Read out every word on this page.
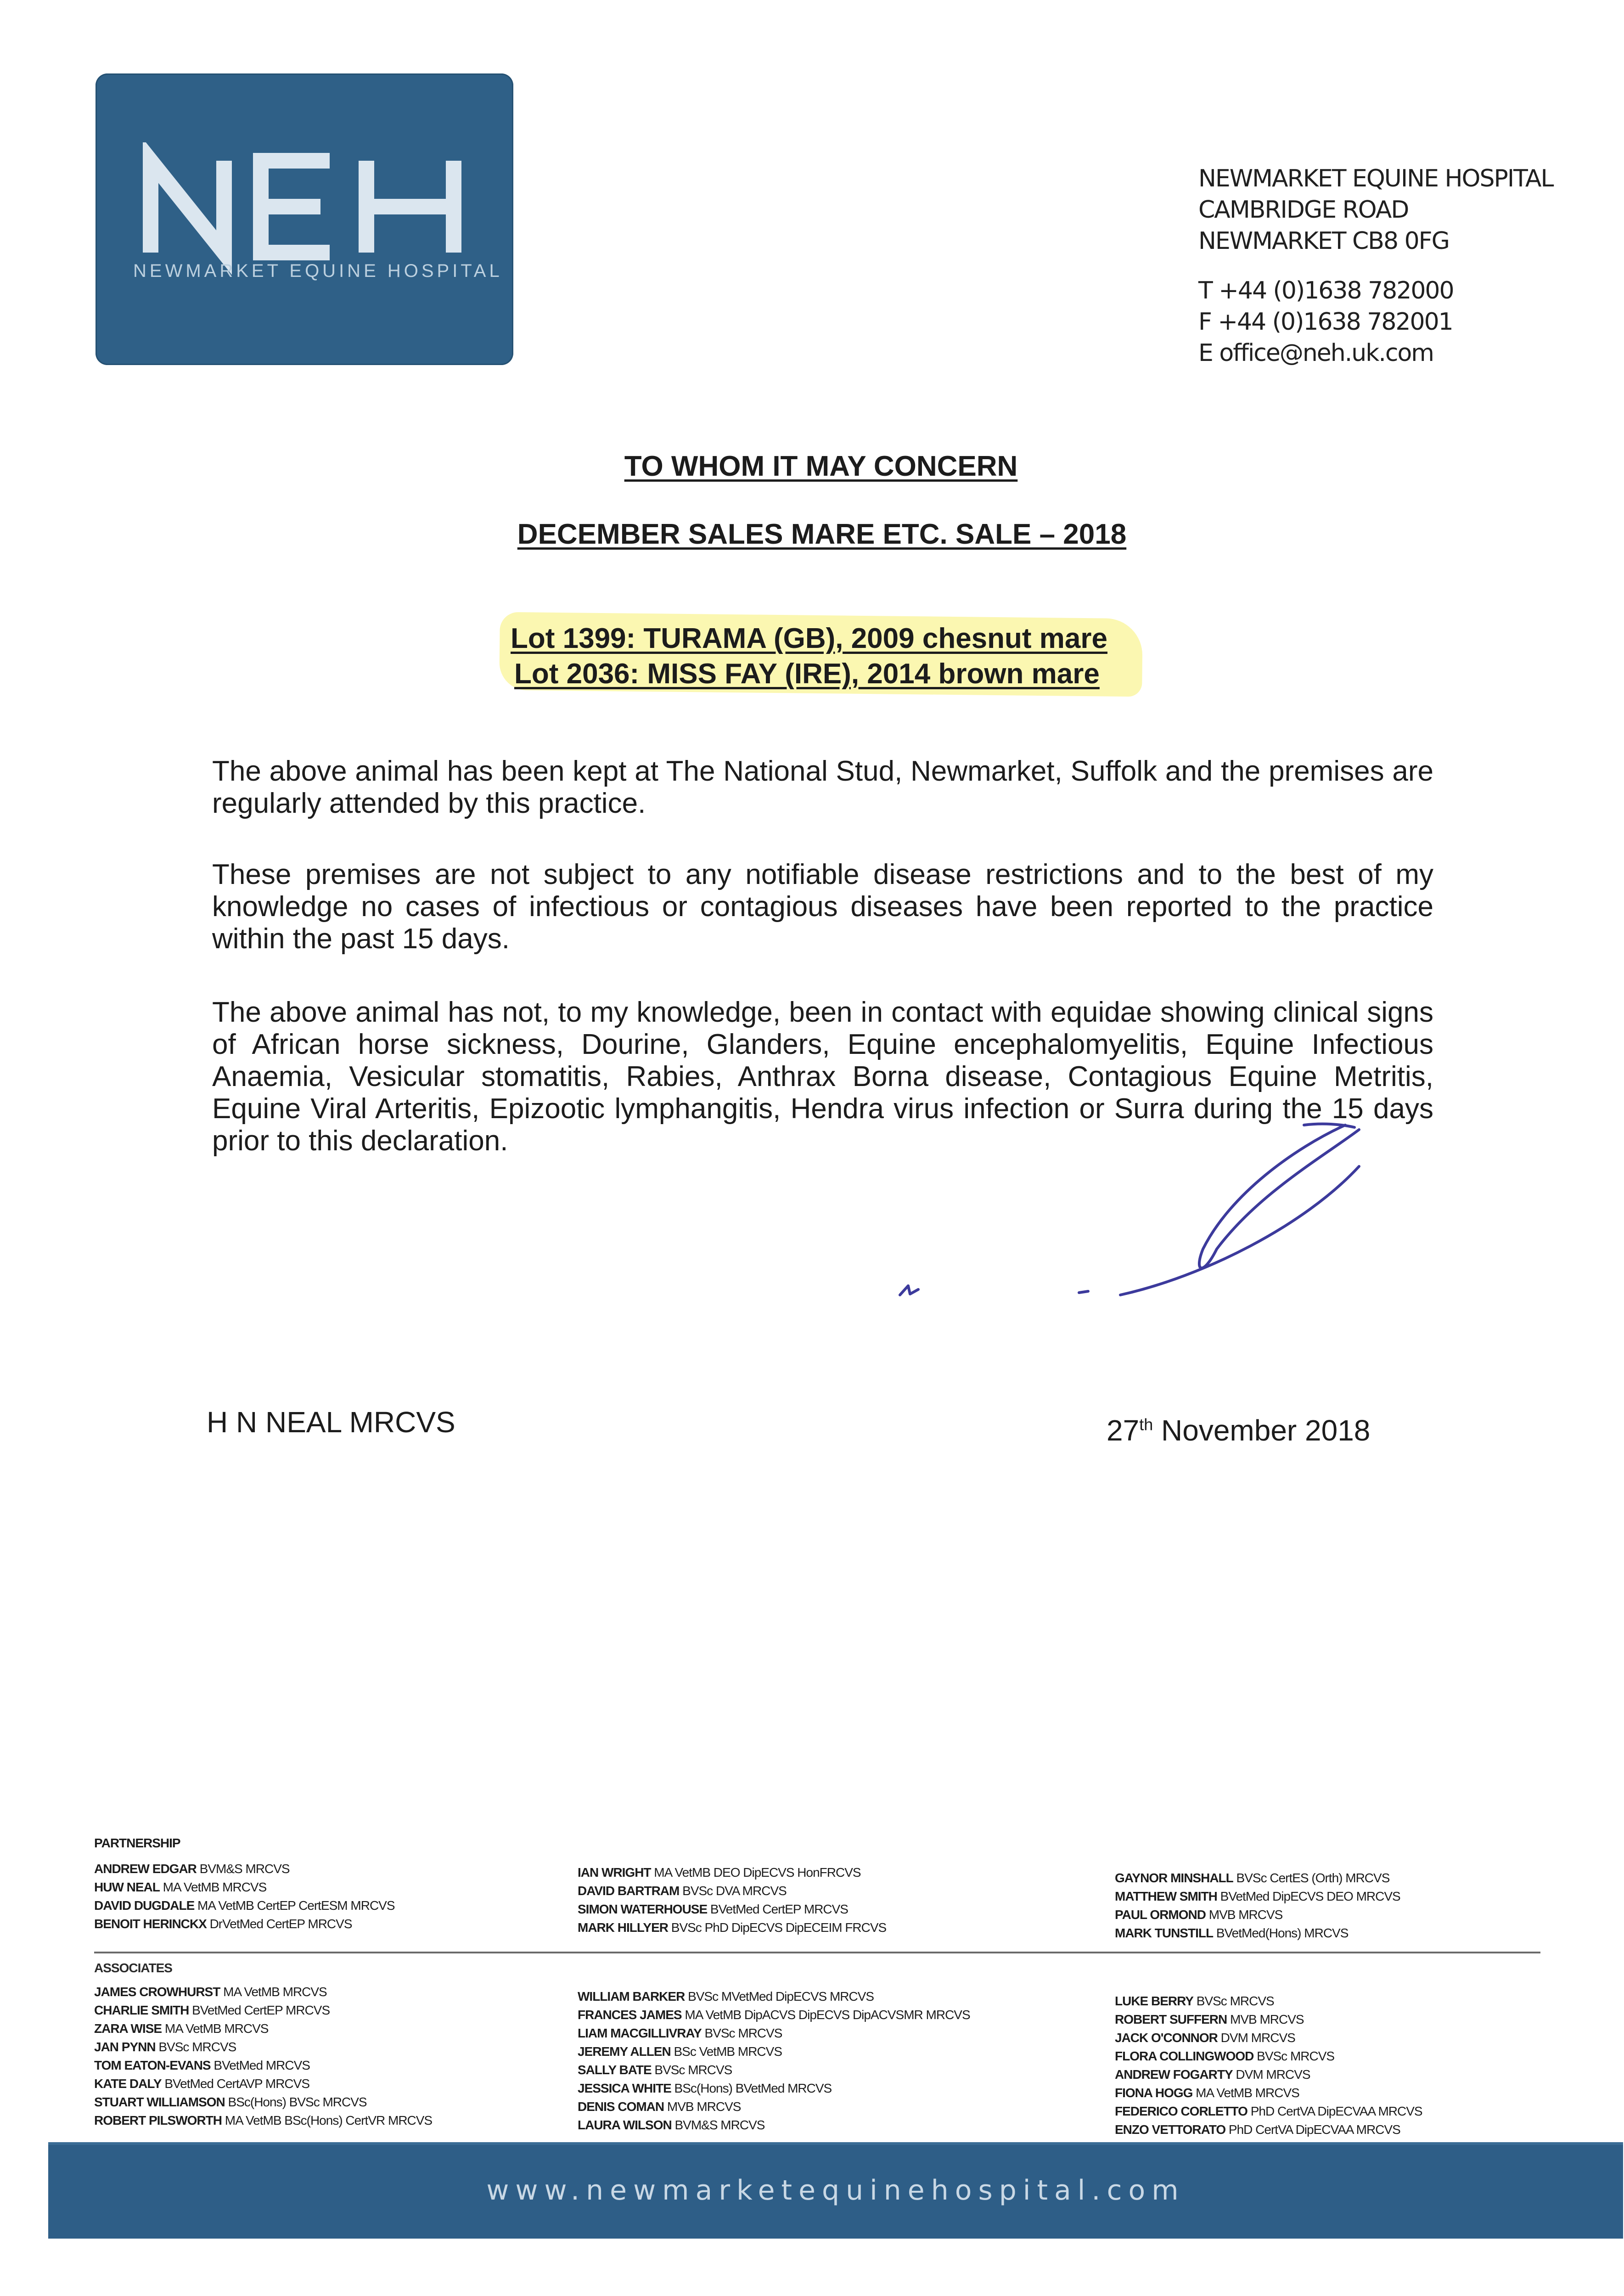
NEWMARKET EQUINE HOSPITAL
NEWMARKET EQUINE HOSPITAL
CAMBRIDGE ROAD
NEWMARKET CB8 0FG
T +44 (0)1638 782000
F +44 (0)1638 782001
E office@neh.uk.com
TO WHOM IT MAY CONCERN
DECEMBER SALES MARE ETC. SALE – 2018
Lot 1399: TURAMA (GB), 2009 chesnut mare
Lot 2036: MISS FAY (IRE), 2014 brown mare
The above animal has been kept at The National Stud, Newmarket, Suffolk and the premises are regularly attended by this practice.
These premises are not subject to any notifiable disease restrictions and to the best of my knowledge no cases of infectious or contagious diseases have been reported to the practice within the past 15 days.
The above animal has not, to my knowledge, been in contact with equidae showing clinical signs of African horse sickness, Dourine, Glanders, Equine encephalomyelitis, Equine Infectious Anaemia, Vesicular stomatitis, Rabies, Anthrax Borna disease, Contagious Equine Metritis, Equine Viral Arteritis, Epizootic lymphangitis, Hendra virus infection or Surra during the 15 days prior to this declaration.
H N NEAL MRCVS	27th November 2018
PARTNERSHIP
ANDREW EDGAR BVM&S MRCVS
HUW NEAL MA VetMB MRCVS
DAVID DUGDALE MA VetMB CertEP CertESM MRCVS
BENOIT HERINCKX DrVetMed CertEP MRCVS
IAN WRIGHT MA VetMB DEO DipECVS HonFRCVS
DAVID BARTRAM BVSc DVA MRCVS
SIMON WATERHOUSE BVetMed CertEP MRCVS
MARK HILLYER BVSc PhD DipECVS DipECEIM FRCVS
GAYNOR MINSHALL BVSc CertES (Orth) MRCVS
MATTHEW SMITH BVetMed DipECVS DEO MRCVS
PAUL ORMOND MVB MRCVS
MARK TUNSTILL BVetMed(Hons) MRCVS
ASSOCIATES
JAMES CROWHURST MA VetMB MRCVS
CHARLIE SMITH BVetMed CertEP MRCVS
ZARA WISE MA VetMB MRCVS
JAN PYNN BVSc MRCVS
TOM EATON-EVANS BVetMed MRCVS
KATE DALY BVetMed CertAVP MRCVS
STUART WILLIAMSON BSc(Hons) BVSc MRCVS
ROBERT PILSWORTH MA VetMB BSc(Hons) CertVR MRCVS
WILLIAM BARKER BVSc MVetMed DipECVS MRCVS
FRANCES JAMES MA VetMB DipACVS DipECVS DipACVSMR MRCVS
LIAM MACGILLIVRAY BVSc MRCVS
JEREMY ALLEN BSc VetMB MRCVS
SALLY BATE BVSc MRCVS
JESSICA WHITE BSc(Hons) BVetMed MRCVS
DENIS COMAN MVB MRCVS
LAURA WILSON BVM&S MRCVS
LUKE BERRY BVSc MRCVS
ROBERT SUFFERN MVB MRCVS
JACK O'CONNOR DVM MRCVS
FLORA COLLINGWOOD BVSc MRCVS
ANDREW FOGARTY DVM MRCVS
FIONA HOGG MA VetMB MRCVS
FEDERICO CORLETTO PhD CertVA DipECVAA MRCVS
ENZO VETTORATO PhD CertVA DipECVAA MRCVS
www.newmarketequinehospital.com
